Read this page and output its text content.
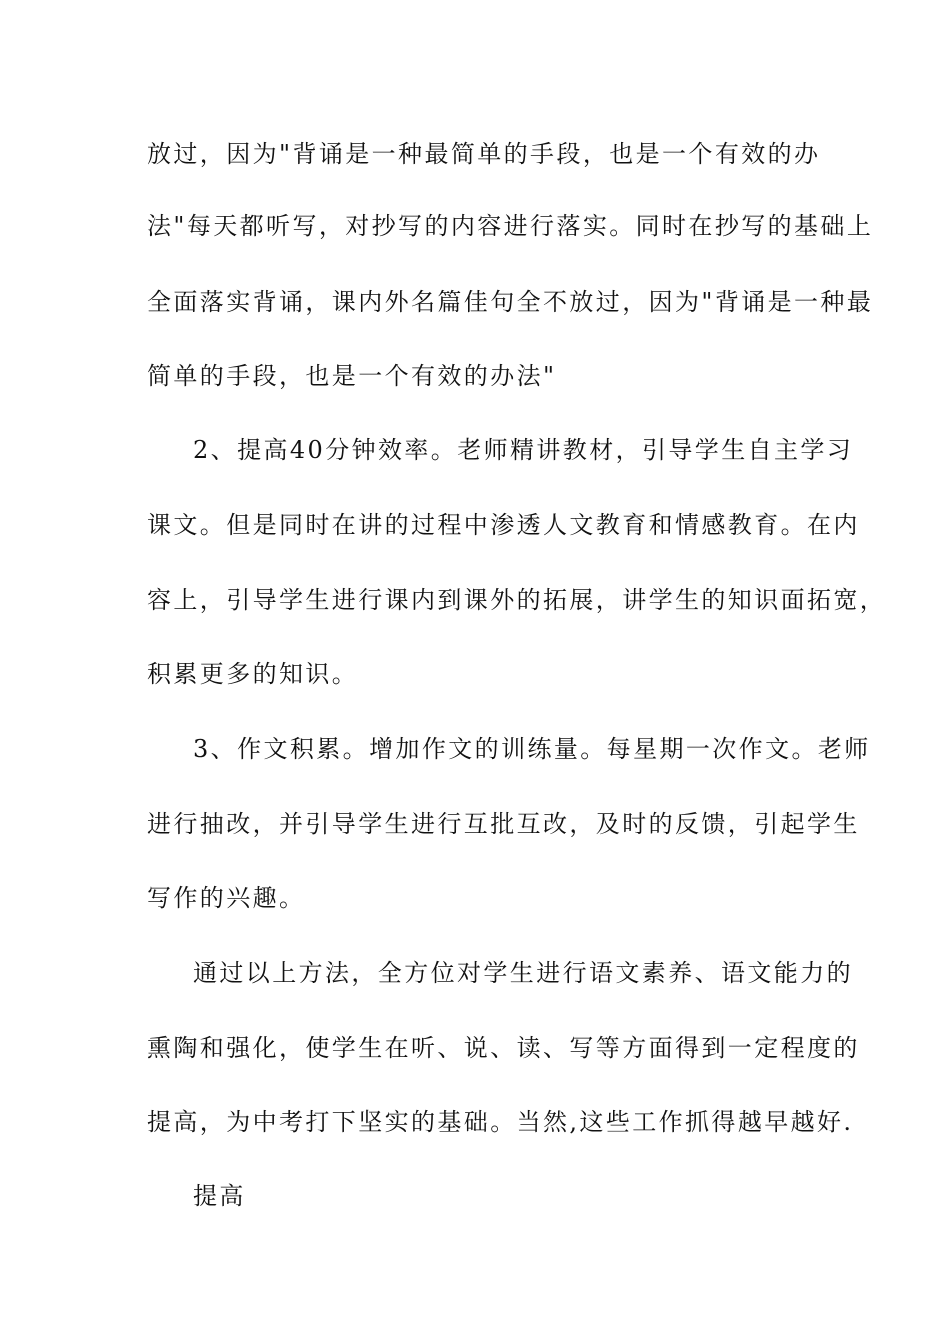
放过，因为"背诵是一种最简单的手段，也是一个有效的办
法"每天都听写，对抄写的内容进行落实。同时在抄写的基础上
全面落实背诵，课内外名篇佳句全不放过，因为"背诵是一种最
简单的手段，也是一个有效的办法"
2、提高40分钟效率。老师精讲教材，引导学生自主学习
课文。但是同时在讲的过程中渗透人文教育和情感教育。在内
容上，引导学生进行课内到课外的拓展，讲学生的知识面拓宽，
积累更多的知识。
3、作文积累。增加作文的训练量。每星期一次作文。老师
进行抽改，并引导学生进行互批互改，及时的反馈，引起学生
写作的兴趣。
通过以上方法，全方位对学生进行语文素养、语文能力的
熏陶和强化，使学生在听、说、读、写等方面得到一定程度的
提高，为中考打下坚实的基础。当然,这些工作抓得越早越好.
提高
